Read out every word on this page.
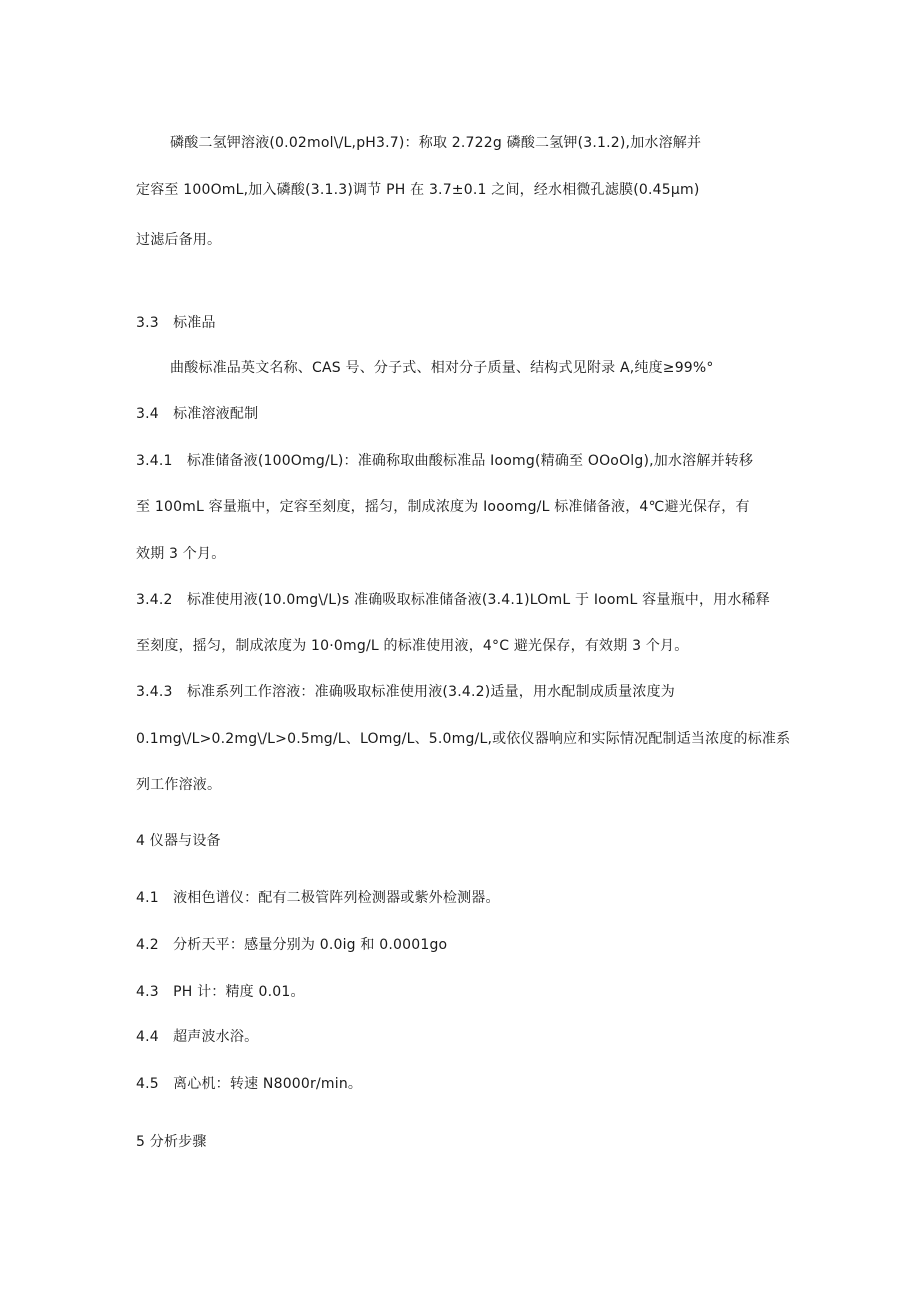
磷酸二氢钾溶液(0.02mol\/L,pH3.7)：称取 2.722g 磷酸二氢钾(3.1.2),加水溶解并
定容至 100OmL,加入磷酸(3.1.3)调节 PH 在 3.7±0.1 之间，经水相微孔滤膜(0.45μm)
过滤后备用。
3.3　标准品
曲酸标准品英文名称、CAS 号、分子式、相对分子质量、结构式见附录 A,纯度≥99%°
3.4　标准溶液配制
3.4.1　标准储备液(100Omg/L)：准确称取曲酸标准品 Ioomg(精确至 OOoOlg),加水溶解并转移
至 100mL 容量瓶中，定容至刻度，摇匀，制成浓度为 Iooomg/L 标准储备液，4℃避光保存，有
效期 3 个月。
3.4.2　标准使用液(10.0mg\/L)s 准确吸取标准储备液(3.4.1)LOmL 于 IoomL 容量瓶中，用水稀释
至刻度，摇匀，制成浓度为 10·0mg/L 的标准使用液，4°C 避光保存，有效期 3 个月。
3.4.3　标准系列工作溶液：准确吸取标准使用液(3.4.2)适量，用水配制成质量浓度为
0.1mg\/L>0.2mg\/L>0.5mg/L、LOmg/L、5.0mg/L,或依仪器响应和实际情况配制适当浓度的标准系
列工作溶液。
4 仪器与设备
4.1　液相色谱仪：配有二极管阵列检测器或紫外检测器。
4.2　分析天平：感量分别为 0.0ig 和 0.0001go
4.3　PH 计：精度 0.01。
4.4　超声波水浴。
4.5　离心机：转速 N8000r/min。
5 分析步骤
